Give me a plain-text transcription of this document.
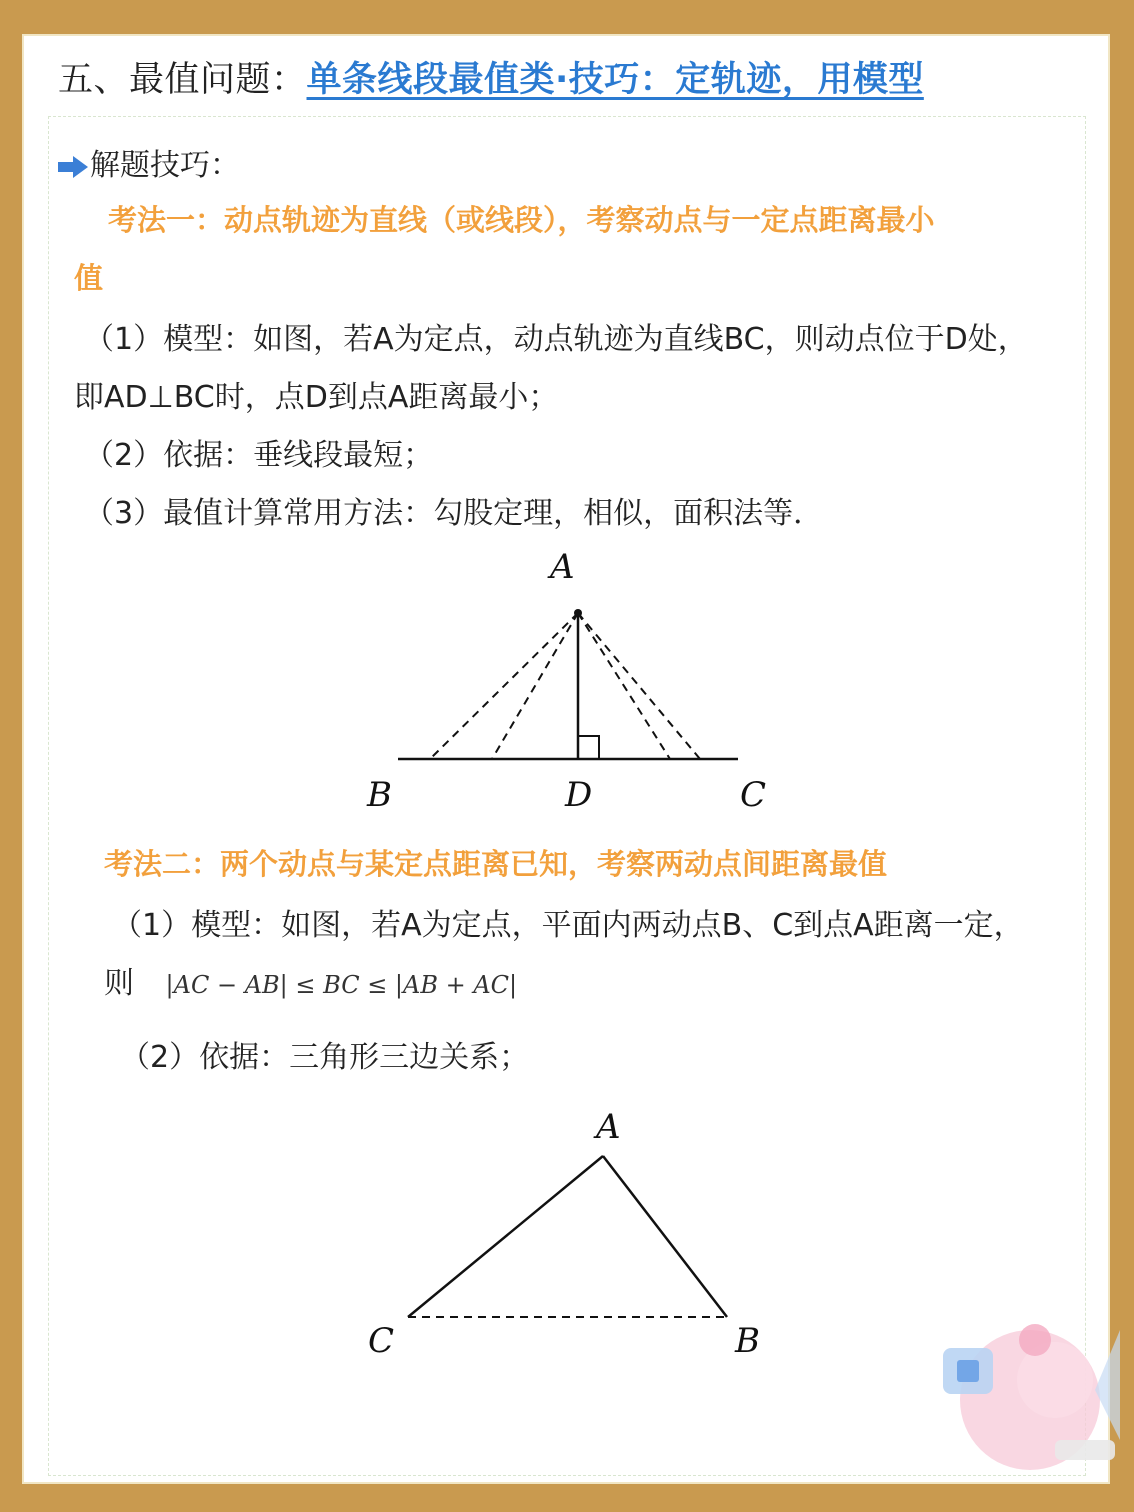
五、最值问题：单条线段最值类·技巧：定轨迹，用模型
解题技巧：
考法一：动点轨迹为直线（或线段），考察动点与一定点距离最小
值
（1）模型：如图，若A为定点，动点轨迹为直线BC，则动点位于D处，
即AD⊥BC时，点D到点A距离最小；
（2）依据：垂线段最短；
（3）最值计算常用方法：勾股定理，相似，面积法等．
A
B	D	C
考法二：两个动点与某定点距离已知，考察两动点间距离最值
（1）模型：如图，若A为定点，平面内两动点B、C到点A距离一定，
则 |AC − AB| ≤ BC ≤ |AB + AC|
（2）依据：三角形三边关系；
A
C	B
